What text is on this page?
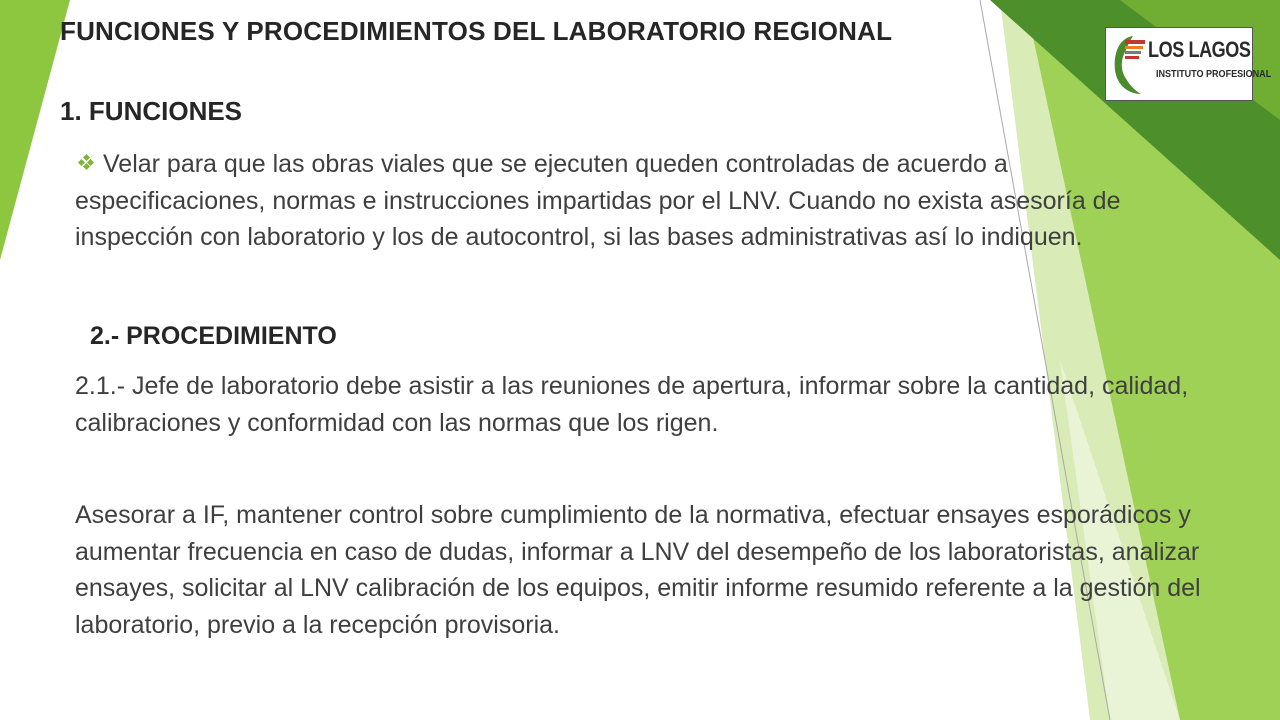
FUNCIONES Y PROCEDIMIENTOS DEL LABORATORIO REGIONAL
LOS LAGOS
INSTITUTO PROFESIONAL
1. FUNCIONES
Velar para que las obras viales que se ejecuten queden controladas de acuerdo a especificaciones, normas e instrucciones impartidas por el LNV. Cuando no exista asesoría de inspección con laboratorio y los de autocontrol, si las bases administrativas así lo indiquen.
2.- PROCEDIMIENTO
2.1.- Jefe de laboratorio debe asistir a las reuniones de apertura, informar sobre la cantidad, calidad, calibraciones y conformidad con las normas que los rigen.
Asesorar a IF, mantener control sobre cumplimiento de la normativa, efectuar ensayes esporádicos y aumentar frecuencia en caso de dudas, informar a LNV del desempeño de los laboratoristas, analizar ensayes, solicitar al LNV calibración de los equipos, emitir informe resumido referente a la gestión del laboratorio, previo a la recepción provisoria.
